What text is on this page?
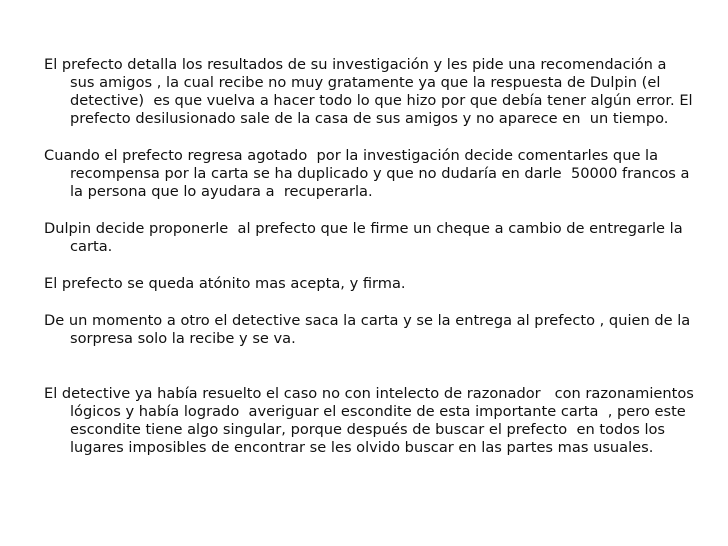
El prefecto detalla los resultados de su investigación y les pide una recomendación a sus amigos , la cual recibe no muy gratamente ya que la respuesta de Dulpin (el detective)  es que vuelva a hacer todo lo que hizo por que debía tener algún error. El prefecto desilusionado sale de la casa de sus amigos y no aparece en  un tiempo.

Cuando el prefecto regresa agotado  por la investigación decide comentarles que la recompensa por la carta se ha duplicado y que no dudaría en darle  50000 francos a la persona que lo ayudara a  recuperarla.

Dulpin decide proponerle  al prefecto que le firme un cheque a cambio de entregarle la carta.

El prefecto se queda atónito mas acepta, y firma.

De un momento a otro el detective saca la carta y se la entrega al prefecto , quien de la sorpresa solo la recibe y se va.

El detective ya había resuelto el caso no con intelecto de razonador   con razonamientos lógicos y había logrado  averiguar el escondite de esta importante carta  , pero este escondite tiene algo singular, porque después de buscar el prefecto  en todos los lugares imposibles de encontrar se les olvido buscar en las partes mas usuales.
